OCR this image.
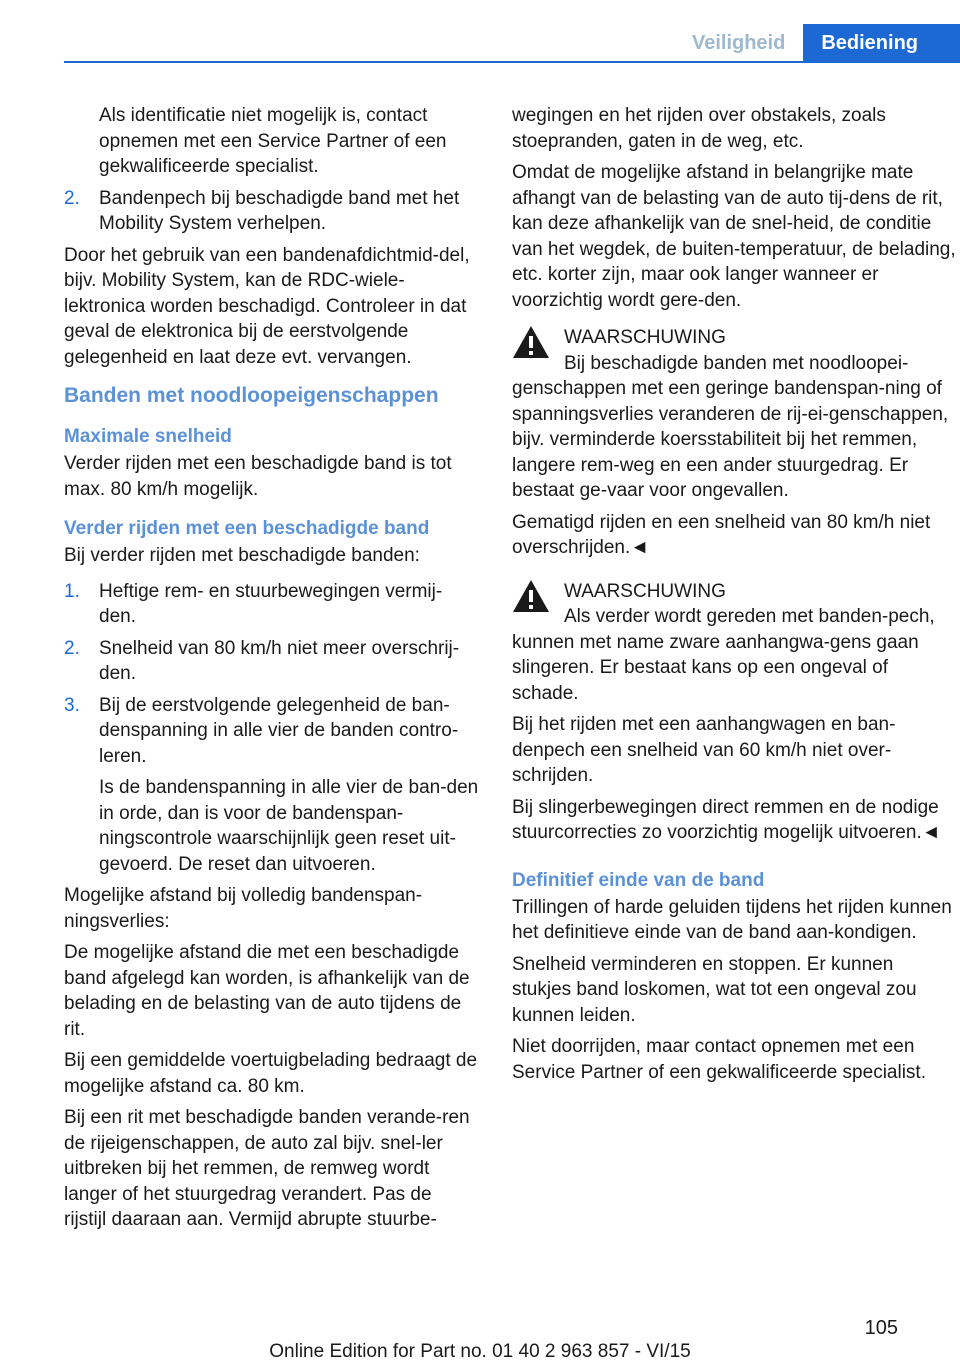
Veiligheid	Bediening
Als identificatie niet mogelijk is, contact opnemen met een Service Partner of een gekwalificeerde specialist.
2.	Bandenpech bij beschadigde band met het Mobility System verhelpen.
Door het gebruik van een bandenafdichtmid-del, bijv. Mobility System, kan de RDC-wiele-lektronica worden beschadigd. Controleer in dat geval de elektronica bij de eerstvolgende gelegenheid en laat deze evt. vervangen.
Banden met noodloopeigenschappen
Maximale snelheid
Verder rijden met een beschadigde band is tot max. 80 km/h mogelijk.
Verder rijden met een beschadigde band
Bij verder rijden met beschadigde banden:
1.	Heftige rem- en stuurbewegingen vermij-den.
2.	Snelheid van 80 km/h niet meer overschrij-den.
3.	Bij de eerstvolgende gelegenheid de ban-denspanning in alle vier de banden contro-leren.
Is de bandenspanning in alle vier de ban-den in orde, dan is voor de bandenspan-ningscontrole waarschijnlijk geen reset uit-gevoerd. De reset dan uitvoeren.
Mogelijke afstand bij volledig bandenspan-ningsverlies:
De mogelijke afstand die met een beschadigde band afgelegd kan worden, is afhankelijk van de belading en de belasting van de auto tijdens de rit.
Bij een gemiddelde voertuigbelading bedraagt de mogelijke afstand ca. 80 km.
Bij een rit met beschadigde banden verande-ren de rijeigenschappen, de auto zal bijv. snel-ler uitbreken bij het remmen, de remweg wordt langer of het stuurgedrag verandert. Pas de rijstijl daaraan aan. Vermijd abrupte stuurbe-
wegingen en het rijden over obstakels, zoals stoepranden, gaten in de weg, etc.
Omdat de mogelijke afstand in belangrijke mate afhangt van de belasting van de auto tij-dens de rit, kan deze afhankelijk van de snel-heid, de conditie van het wegdek, de buiten-temperatuur, de belading, etc. korter zijn, maar ook langer wanneer er voorzichtig wordt gere-den.
WAARSCHUWING
Bij beschadigde banden met noodloopei-genschappen met een geringe bandenspan-ning of spanningsverlies veranderen de rij-ei-genschappen, bijv. verminderde koersstabiliteit bij het remmen, langere rem-weg en een ander stuurgedrag. Er bestaat ge-vaar voor ongevallen.
Gematigd rijden en een snelheid van 80 km/h niet overschrijden.◄
WAARSCHUWING
Als verder wordt gereden met banden-pech, kunnen met name zware aanhangwa-gens gaan slingeren. Er bestaat kans op een ongeval of schade.
Bij het rijden met een aanhangwagen en ban-denpech een snelheid van 60 km/h niet over-schrijden.
Bij slingerbewegingen direct remmen en de nodige stuurcorrecties zo voorzichtig mogelijk uitvoeren.◄
Definitief einde van de band
Trillingen of harde geluiden tijdens het rijden kunnen het definitieve einde van de band aan-kondigen.
Snelheid verminderen en stoppen. Er kunnen stukjes band loskomen, wat tot een ongeval zou kunnen leiden.
Niet doorrijden, maar contact opnemen met een Service Partner of een gekwalificeerde specialist.
105
Online Edition for Part no. 01 40 2 963 857 - VI/15
